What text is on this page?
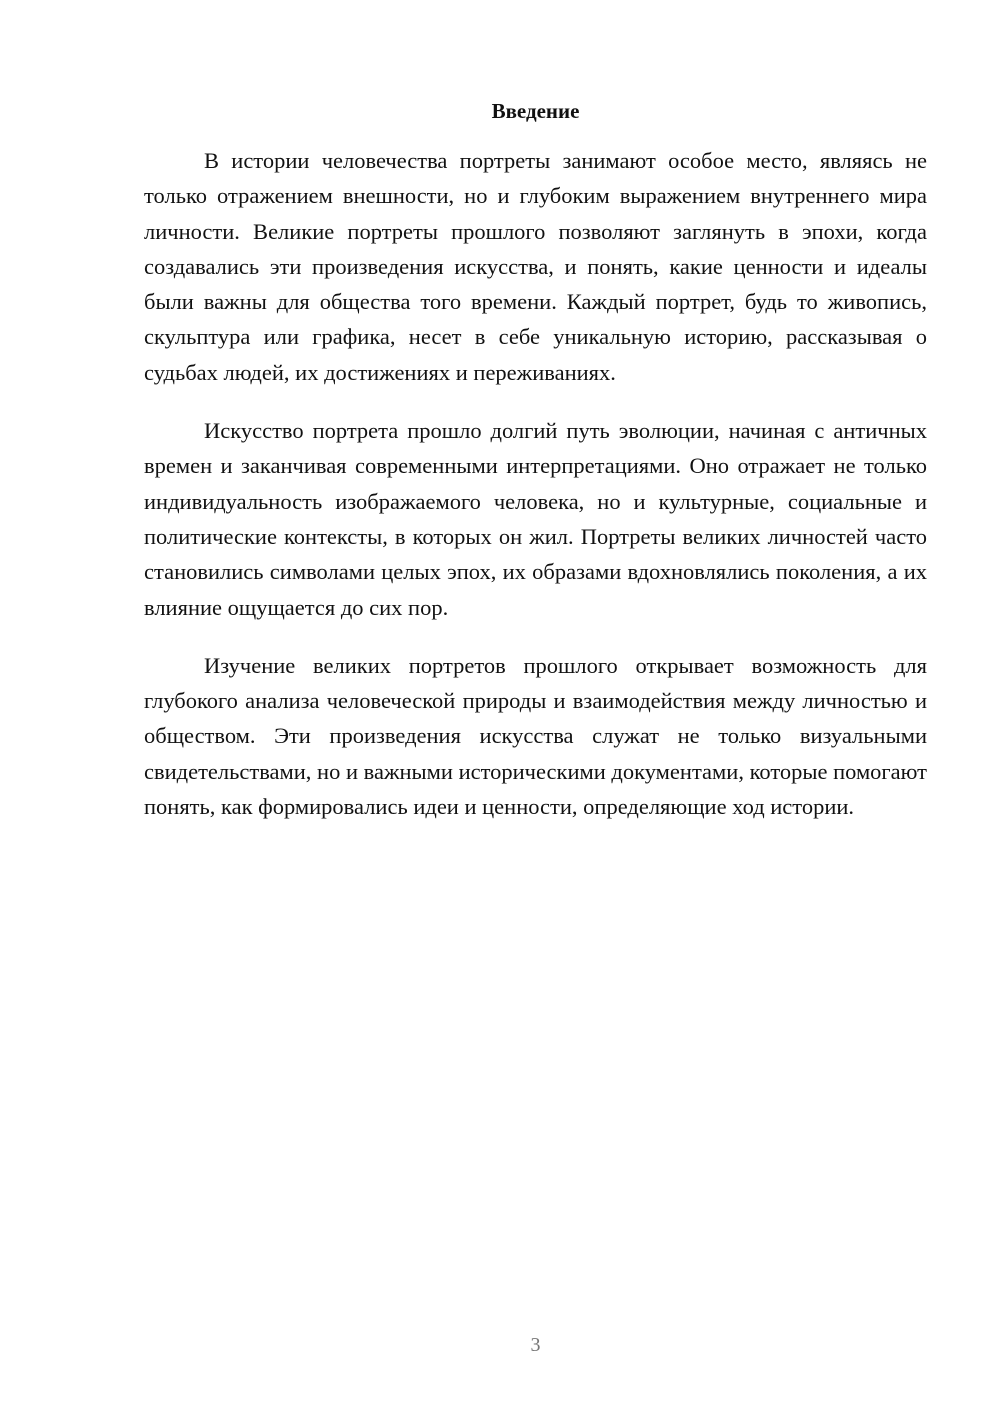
Введение

В истории человечества портреты занимают особое место, являясь не только отражением внешности, но и глубоким выражением внутреннего мира личности. Великие портреты прошлого позволяют заглянуть в эпохи, когда создавались эти произведения искусства, и понять, какие ценности и идеалы были важны для общества того времени. Каждый портрет, будь то живопись, скульптура или графика, несет в себе уникальную историю, рассказывая о судьбах людей, их достижениях и переживаниях.

Искусство портрета прошло долгий путь эволюции, начиная с античных времен и заканчивая современными интерпретациями. Оно отражает не только индивидуальность изображаемого человека, но и культурные, социальные и политические контексты, в которых он жил. Портреты великих личностей часто становились символами целых эпох, их образами вдохновлялись поколения, а их влияние ощущается до сих пор.

Изучение великих портретов прошлого открывает возможность для глубокого анализа человеческой природы и взаимодействия между личностью и обществом. Эти произведения искусства служат не только визуальными свидетельствами, но и важными историческими документами, которые помогают понять, как формировались идеи и ценности, определяющие ход истории.

3
